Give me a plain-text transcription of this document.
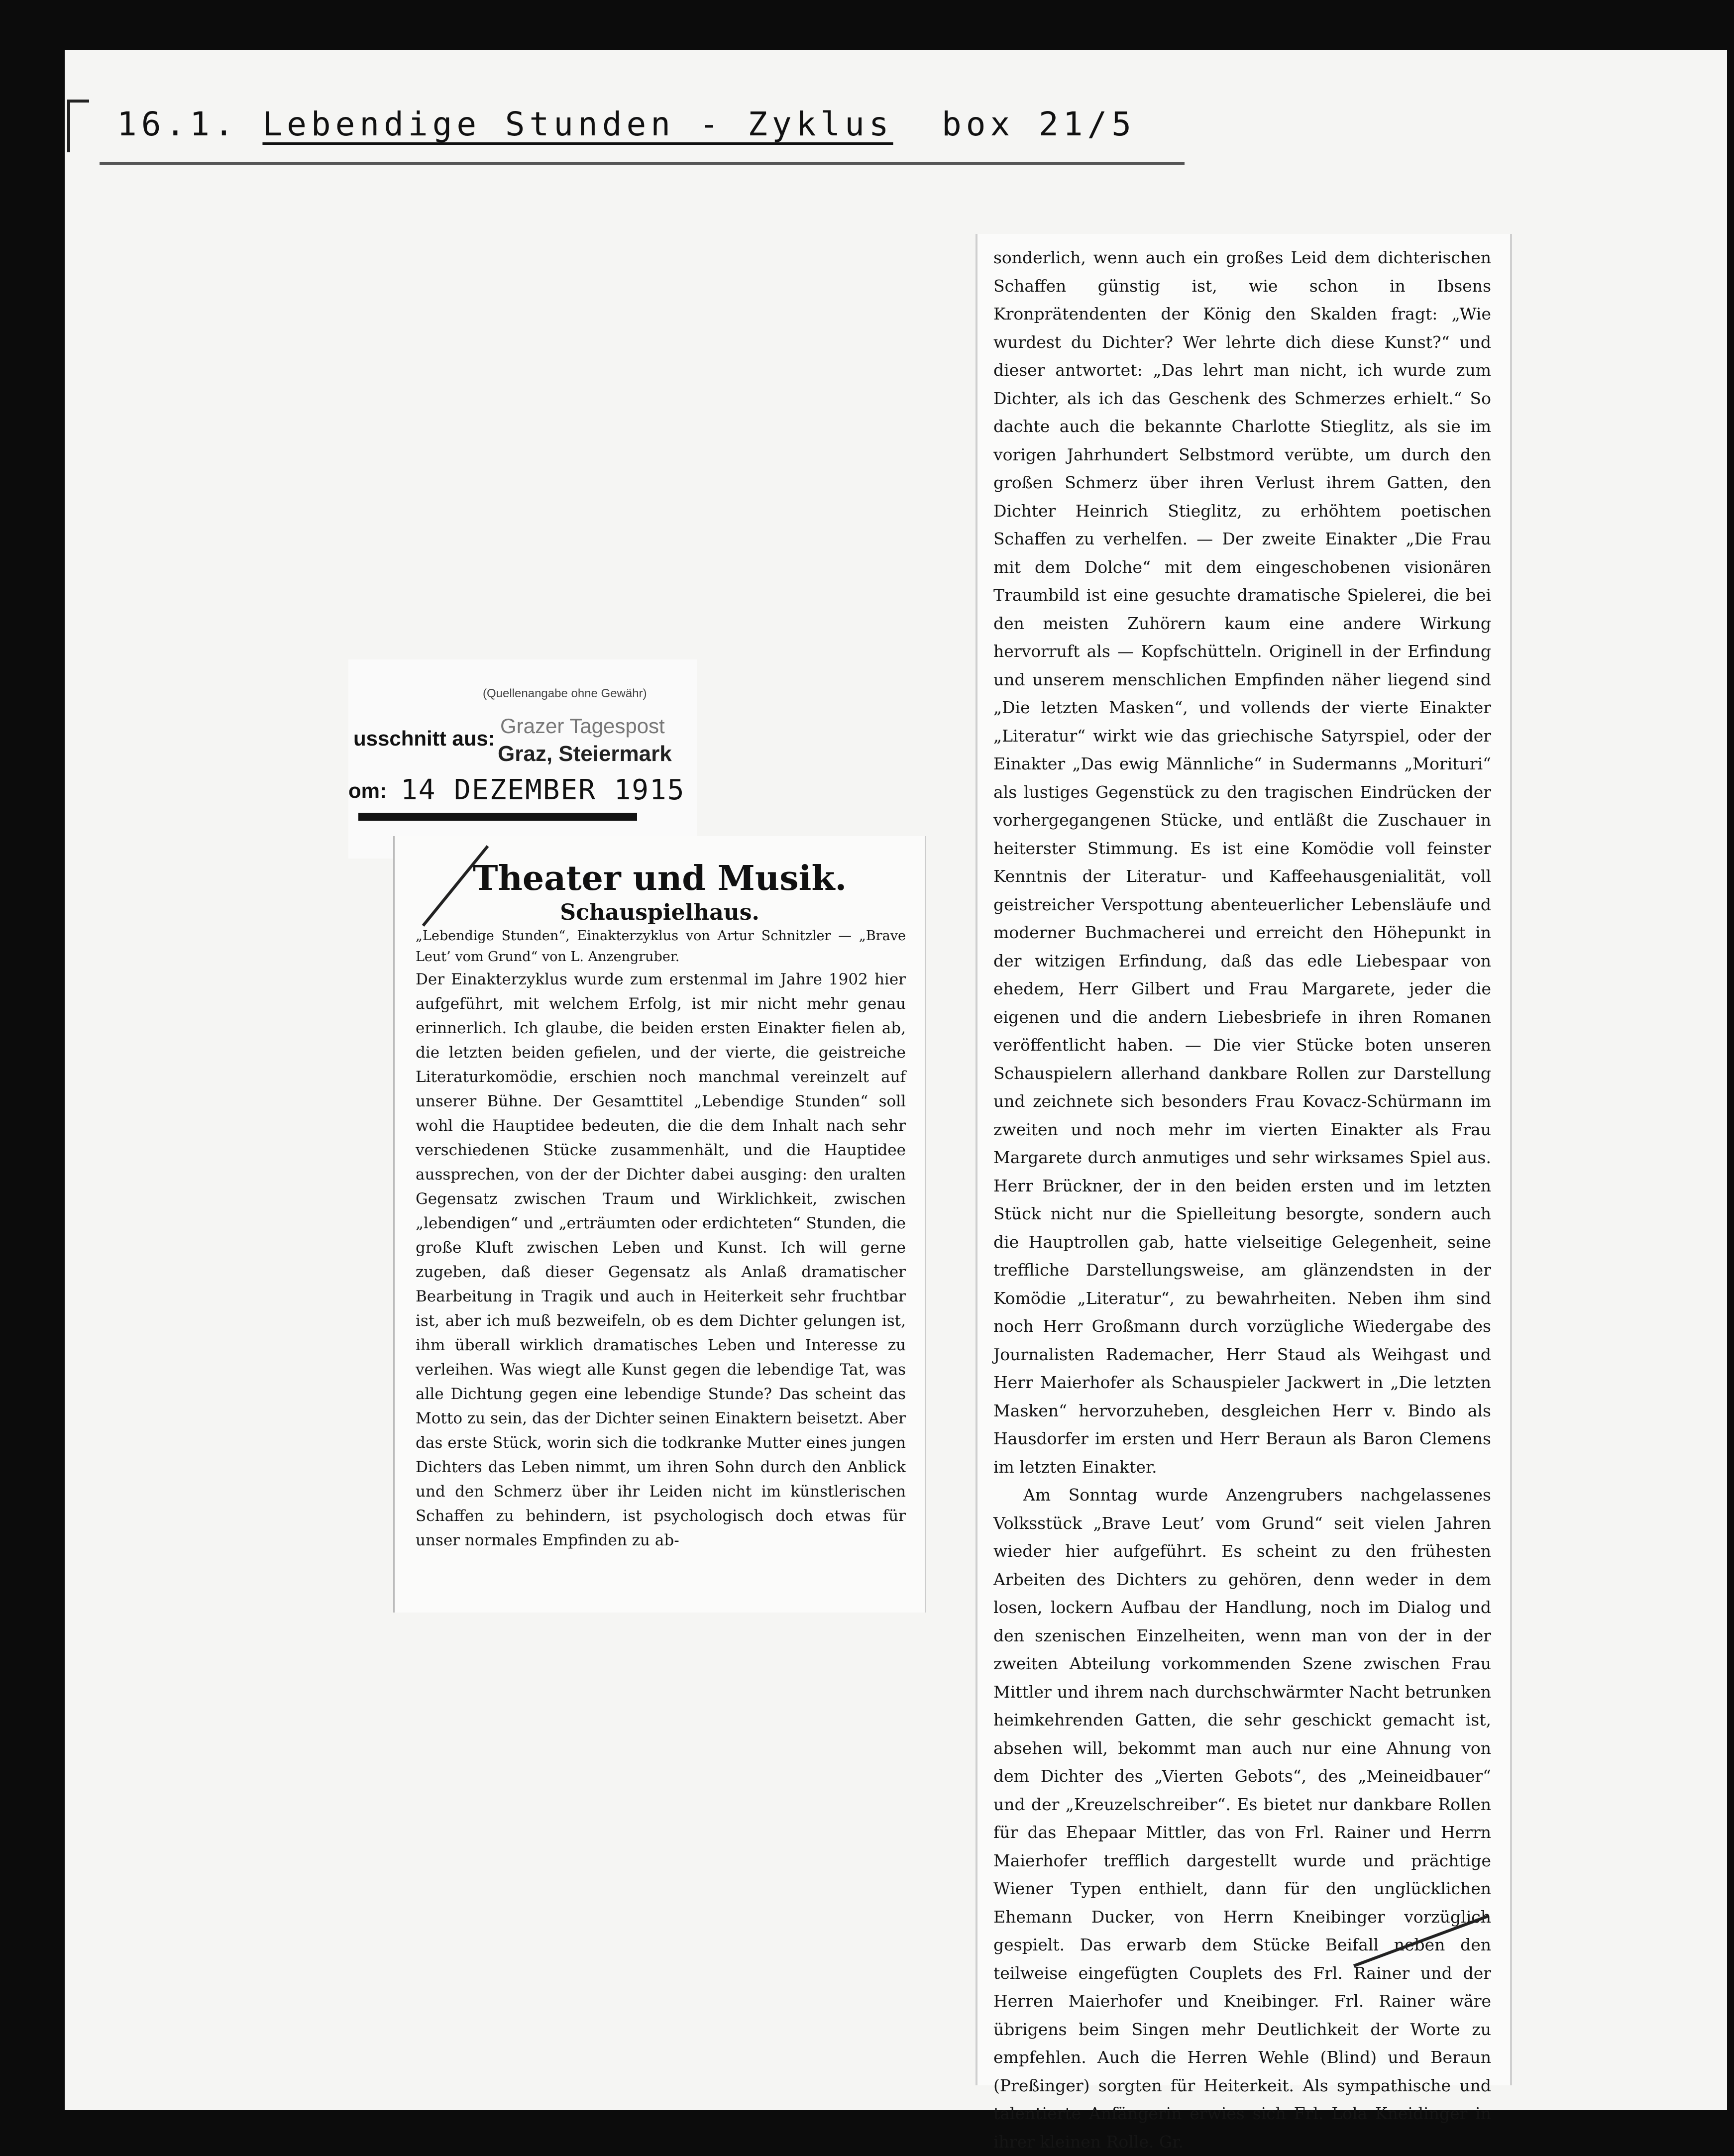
16.1. Lebendige Stunden - Zyklus box 21/5
(Quellenangabe ohne Gewähr)
usschnitt aus:
Grazer Tagespost
Graz, Steiermark
om: 14 DEZEMBER 1915
Theater und Musik.
Schauspielhaus.

„Lebendige Stunden“, Einakterzyklus von Artur Schnitzler — „Brave Leut’ vom Grund“ von L. Anzengruber.

Der Einakterzyklus wurde zum erstenmal im Jahre 1902 hier aufgeführt, mit welchem Erfolg, ist mir nicht mehr genau erinnerlich. Ich glaube, die beiden ersten Einakter fielen ab, die letzten beiden gefielen, und der vierte, die geistreiche Literaturkomödie, erschien noch manchmal vereinzelt auf unserer Bühne. Der Gesamttitel „Lebendige Stunden“ soll wohl die Hauptidee bedeuten, die die dem Inhalt nach sehr verschiedenen Stücke zusammenhält, und die Hauptidee aussprechen, von der der Dichter dabei ausging: den uralten Gegensatz zwischen Traum und Wirklichkeit, zwischen „lebendigen“ und „erträumten oder erdichteten“ Stunden, die große Kluft zwischen Leben und Kunst. Ich will gerne zugeben, daß dieser Gegensatz als Anlaß dramatischer Bearbeitung in Tragik und auch in Heiterkeit sehr fruchtbar ist, aber ich muß bezweifeln, ob es dem Dichter gelungen ist, ihm überall wirklich dramatisches Leben und Interesse zu verleihen. Was wiegt alle Kunst gegen die lebendige Tat, was alle Dichtung gegen eine lebendige Stunde? Das scheint das Motto zu sein, das der Dichter seinen Einaktern beisetzt. Aber das erste Stück, worin sich die todkranke Mutter eines jungen Dichters das Leben nimmt, um ihren Sohn durch den Anblick und den Schmerz über ihr Leiden nicht im künstlerischen Schaffen zu behindern, ist psychologisch doch etwas für unser normales Empfinden zu ab-

sonderlich, wenn auch ein großes Leid dem dichterischen Schaffen günstig ist, wie schon in Ibsens Kronprätendenten der König den Skalden fragt: „Wie wurdest du Dichter? Wer lehrte dich diese Kunst?“ und dieser antwortet: „Das lehrt man nicht, ich wurde zum Dichter, als ich das Geschenk des Schmerzes erhielt.“ So dachte auch die bekannte Charlotte Stieglitz, als sie im vorigen Jahrhundert Selbstmord verübte, um durch den großen Schmerz über ihren Verlust ihrem Gatten, den Dichter Heinrich Stieglitz, zu erhöhtem poetischen Schaffen zu verhelfen. — Der zweite Einakter „Die Frau mit dem Dolche“ mit dem eingeschobenen visionären Traumbild ist eine gesuchte dramatische Spielerei, die bei den meisten Zuhörern kaum eine andere Wirkung hervorruft als — Kopfschütteln. Originell in der Erfindung und unserem menschlichen Empfinden näher liegend sind „Die letzten Masken“, und vollends der vierte Einakter „Literatur“ wirkt wie das griechische Satyrspiel, oder der Einakter „Das ewig Männliche“ in Sudermanns „Morituri“ als lustiges Gegenstück zu den tragischen Eindrücken der vorhergegangenen Stücke, und entläßt die Zuschauer in heiterster Stimmung. Es ist eine Komödie voll feinster Kenntnis der Literatur- und Kaffeehausgenialität, voll geistreicher Verspottung abenteuerlicher Lebensläufe und moderner Buchmacherei und erreicht den Höhepunkt in der witzigen Erfindung, daß das edle Liebespaar von ehedem, Herr Gilbert und Frau Margarete, jeder die eigenen und die andern Liebesbriefe in ihren Romanen veröffentlicht haben. — Die vier Stücke boten unseren Schauspielern allerhand dankbare Rollen zur Darstellung und zeichnete sich besonders Frau Kovacz-Schürmann im zweiten und noch mehr im vierten Einakter als Frau Margarete durch anmutiges und sehr wirksames Spiel aus. Herr Brückner, der in den beiden ersten und im letzten Stück nicht nur die Spielleitung besorgte, sondern auch die Hauptrollen gab, hatte vielseitige Gelegenheit, seine treffliche Darstellungsweise, am glänzendsten in der Komödie „Literatur“, zu bewahrheiten. Neben ihm sind noch Herr Großmann durch vorzügliche Wiedergabe des Journalisten Rademacher, Herr Staud als Weihgast und Herr Maierhofer als Schauspieler Jackwert in „Die letzten Masken“ hervorzuheben, desgleichen Herr v. Bindo als Hausdorfer im ersten und Herr Beraun als Baron Clemens im letzten Einakter.

Am Sonntag wurde Anzengrubers nachgelassenes Volksstück „Brave Leut’ vom Grund“ seit vielen Jahren wieder hier aufgeführt. Es scheint zu den frühesten Arbeiten des Dichters zu gehören, denn weder in dem losen, lockern Aufbau der Handlung, noch im Dialog und den szenischen Einzelheiten, wenn man von der in der zweiten Abteilung vorkommenden Szene zwischen Frau Mittler und ihrem nach durchschwärmter Nacht betrunken heimkehrenden Gatten, die sehr geschickt gemacht ist, absehen will, bekommt man auch nur eine Ahnung von dem Dichter des „Vierten Gebots“, des „Meineidbauer“ und der „Kreuzelschreiber“. Es bietet nur dankbare Rollen für das Ehepaar Mittler, das von Frl. Rainer und Herrn Maierhofer trefflich dargestellt wurde und prächtige Wiener Typen enthielt, dann für den unglücklichen Ehemann Ducker, von Herrn Kneibinger vorzüglich gespielt. Das erwarb dem Stücke Beifall neben den teilweise eingefügten Couplets des Frl. Rainer und der Herren Maierhofer und Kneibinger. Frl. Rainer wäre übrigens beim Singen mehr Deutlichkeit der Worte zu empfehlen. Auch die Herren Wehle (Blind) und Beraun (Preßinger) sorgten für Heiterkeit. Als sympathische und talentierte Anfängerin erwies sich Frl. Lola Kneidinger in ihrer kleinen Rolle. Gr.
